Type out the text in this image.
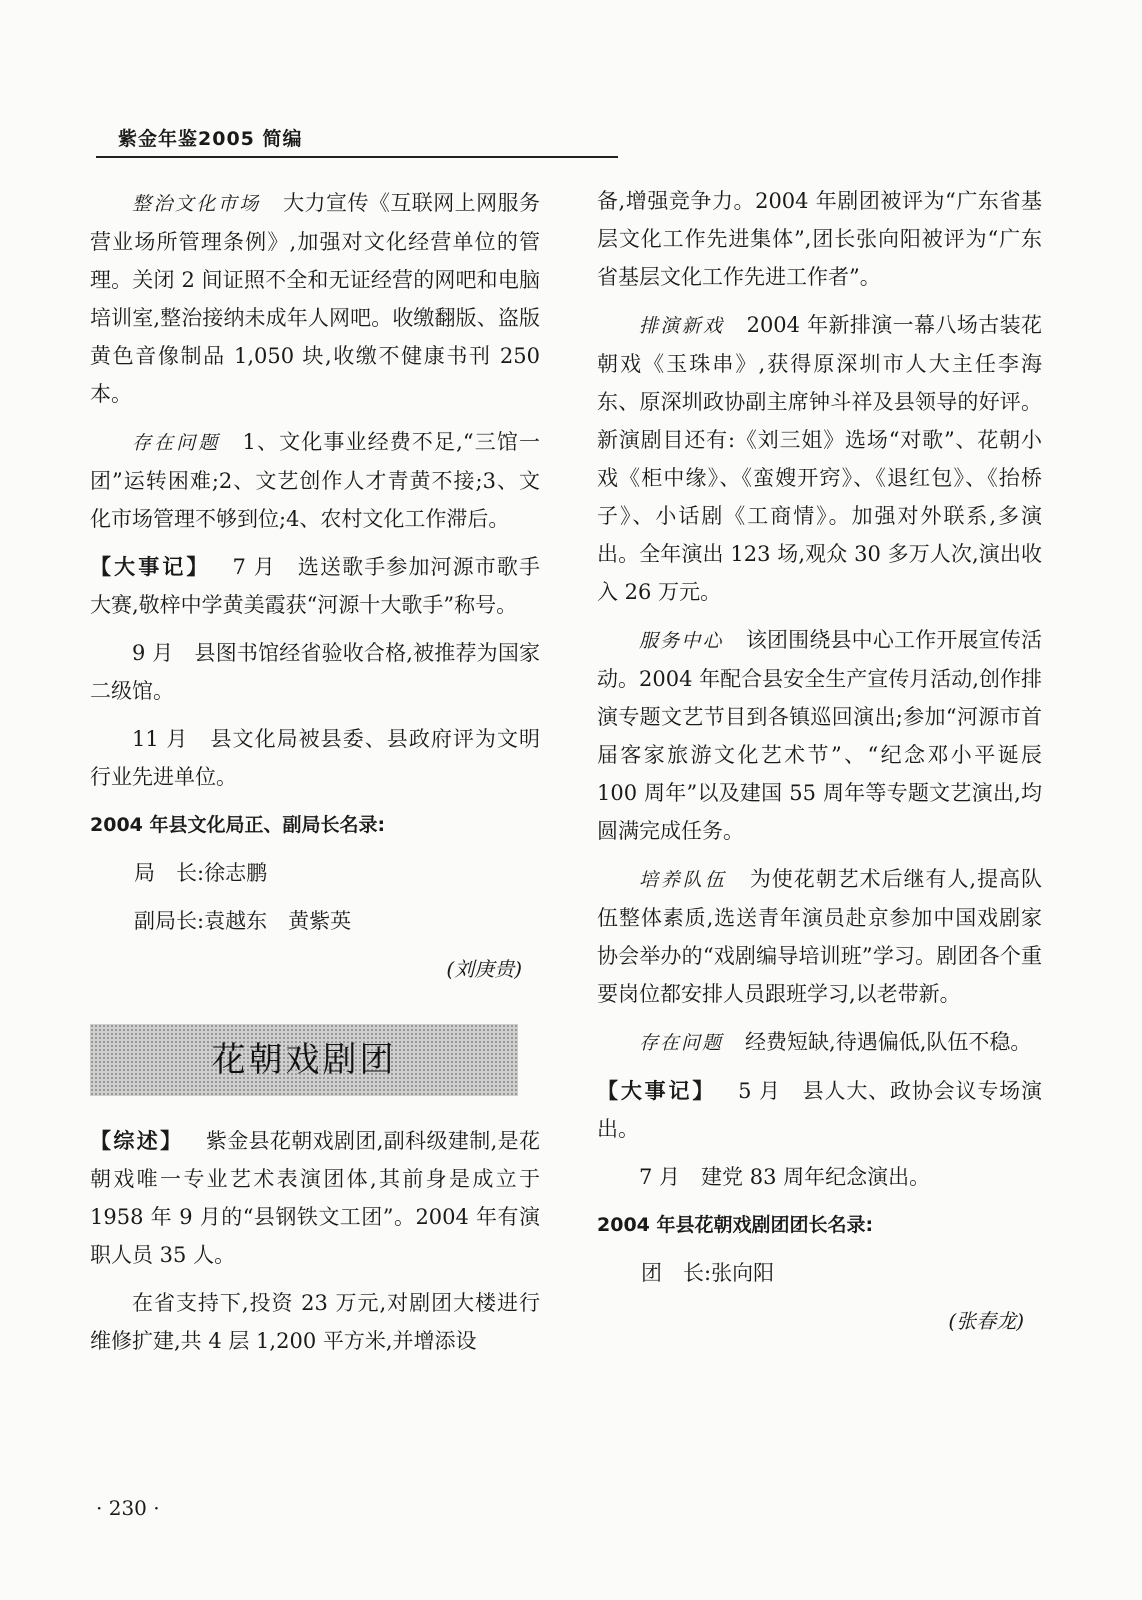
紫金年鉴2005 简编

整治文化市场 大力宣传《互联网上网服务营业场所管理条例》,加强对文化经营单位的管理。关闭 2 间证照不全和无证经营的网吧和电脑培训室,整治接纳未成年人网吧。收缴翻版、盗版黄色音像制品 1,050 块,收缴不健康书刊 250 本。

存在问题 1、文化事业经费不足,“三馆一团”运转困难;2、文艺创作人才青黄不接;3、文化市场管理不够到位;4、农村文化工作滞后。

【大事记】 7 月　选送歌手参加河源市歌手大赛,敬梓中学黄美霞获“河源十大歌手”称号。

9 月　县图书馆经省验收合格,被推荐为国家二级馆。

11 月　县文化局被县委、县政府评为文明行业先进单位。

2004 年县文化局正、副局长名录:

局　长:徐志鹏

副局长:袁越东　黄紫英

(刘庚贵)

花朝戏剧团

【综述】 紫金县花朝戏剧团,副科级建制,是花朝戏唯一专业艺术表演团体,其前身是成立于 1958 年 9 月的“县钢铁文工团”。2004 年有演职人员 35 人。

在省支持下,投资 23 万元,对剧团大楼进行维修扩建,共 4 层 1,200 平方米,并增添设

备,增强竞争力。2004 年剧团被评为“广东省基层文化工作先进集体”,团长张向阳被评为“广东省基层文化工作先进工作者”。

排演新戏 2004 年新排演一幕八场古装花朝戏《玉珠串》,获得原深圳市人大主任李海东、原深圳政协副主席钟斗祥及县领导的好评。新演剧目还有:《刘三姐》选场“对歌”、花朝小戏《柜中缘》、《蛮嫂开窍》、《退红包》、《抬桥子》、小话剧《工商情》。加强对外联系,多演出。全年演出 123 场,观众 30 多万人次,演出收入 26 万元。

服务中心 该团围绕县中心工作开展宣传活动。2004 年配合县安全生产宣传月活动,创作排演专题文艺节目到各镇巡回演出;参加“河源市首届客家旅游文化艺术节”、“纪念邓小平诞辰 100 周年”以及建国 55 周年等专题文艺演出,均圆满完成任务。

培养队伍 为使花朝艺术后继有人,提高队伍整体素质,选送青年演员赴京参加中国戏剧家协会举办的“戏剧编导培训班”学习。剧团各个重要岗位都安排人员跟班学习,以老带新。

存在问题 经费短缺,待遇偏低,队伍不稳。

【大事记】 5 月　县人大、政协会议专场演出。

7 月　建党 83 周年纪念演出。

2004 年县花朝戏剧团团长名录:

团　长:张向阳

(张春龙)

· 230 ·
